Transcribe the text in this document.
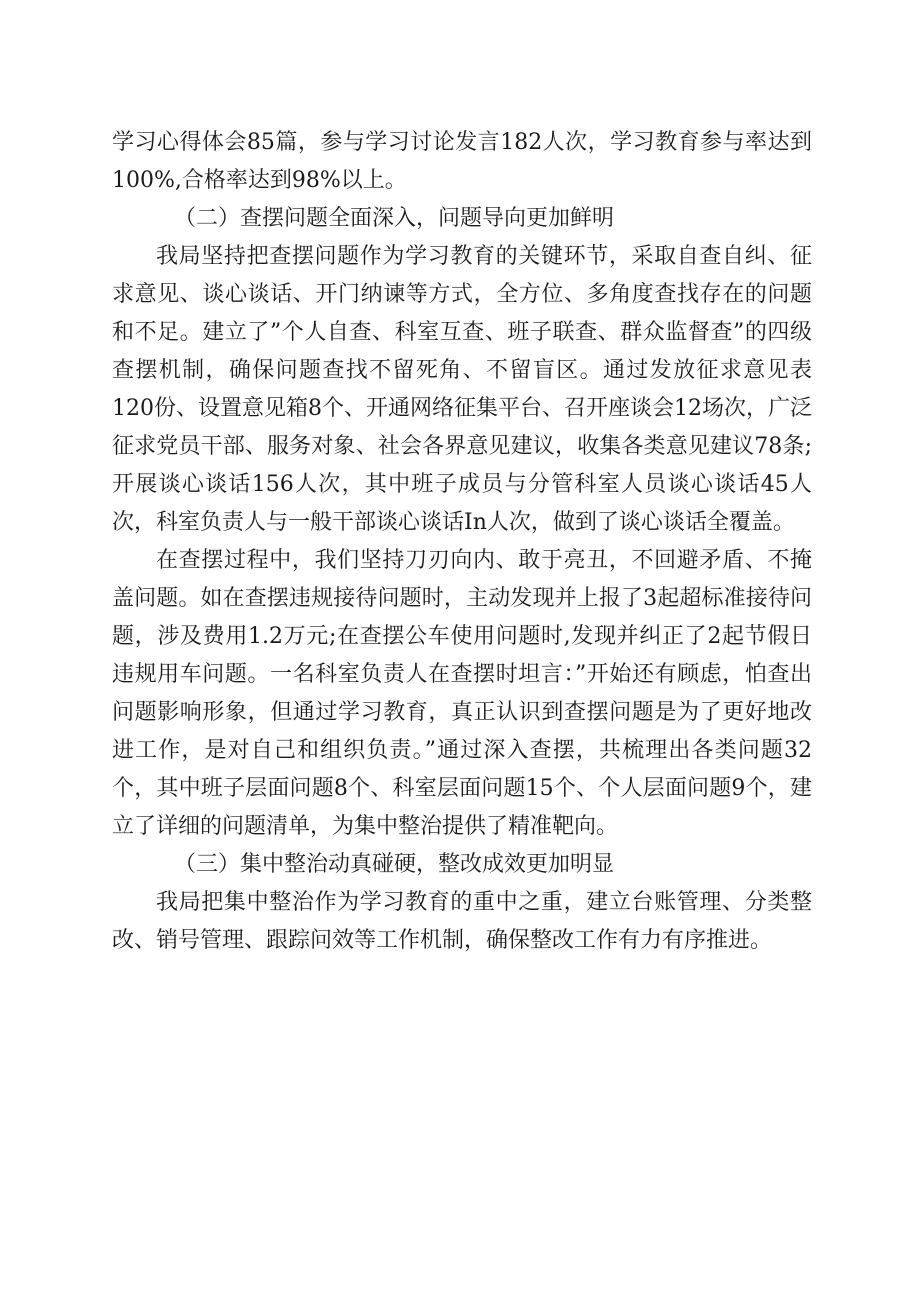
学习心得体会85篇，参与学习讨论发言182人次，学习教育参与率达到100%,合格率达到98%以上。

（二）查摆问题全面深入，问题导向更加鲜明

我局坚持把查摆问题作为学习教育的关键环节，采取自查自纠、征求意见、谈心谈话、开门纳谏等方式，全方位、多角度查找存在的问题和不足。建立了”个人自查、科室互查、班子联查、群众监督查”的四级查摆机制，确保问题查找不留死角、不留盲区。通过发放征求意见表120份、设置意见箱8个、开通网络征集平台、召开座谈会12场次，广泛征求党员干部、服务对象、社会各界意见建议，收集各类意见建议78条;开展谈心谈话156人次，其中班子成员与分管科室人员谈心谈话45人次，科室负责人与一般干部谈心谈话In人次，做到了谈心谈话全覆盖。

在查摆过程中，我们坚持刀刃向内、敢于亮丑，不回避矛盾、不掩盖问题。如在查摆违规接待问题时，主动发现并上报了3起超标准接待问题，涉及费用1.2万元;在查摆公车使用问题时,发现并纠正了2起节假日违规用车问题。一名科室负责人在查摆时坦言：”开始还有顾虑，怕查出问题影响形象，但通过学习教育，真正认识到查摆问题是为了更好地改进工作，是对自己和组织负责。”通过深入查摆，共梳理出各类问题32个，其中班子层面问题8个、科室层面问题15个、个人层面问题9个，建立了详细的问题清单，为集中整治提供了精准靶向。

（三）集中整治动真碰硬，整改成效更加明显

我局把集中整治作为学习教育的重中之重，建立台账管理、分类整改、销号管理、跟踪问效等工作机制，确保整改工作有力有序推进。
